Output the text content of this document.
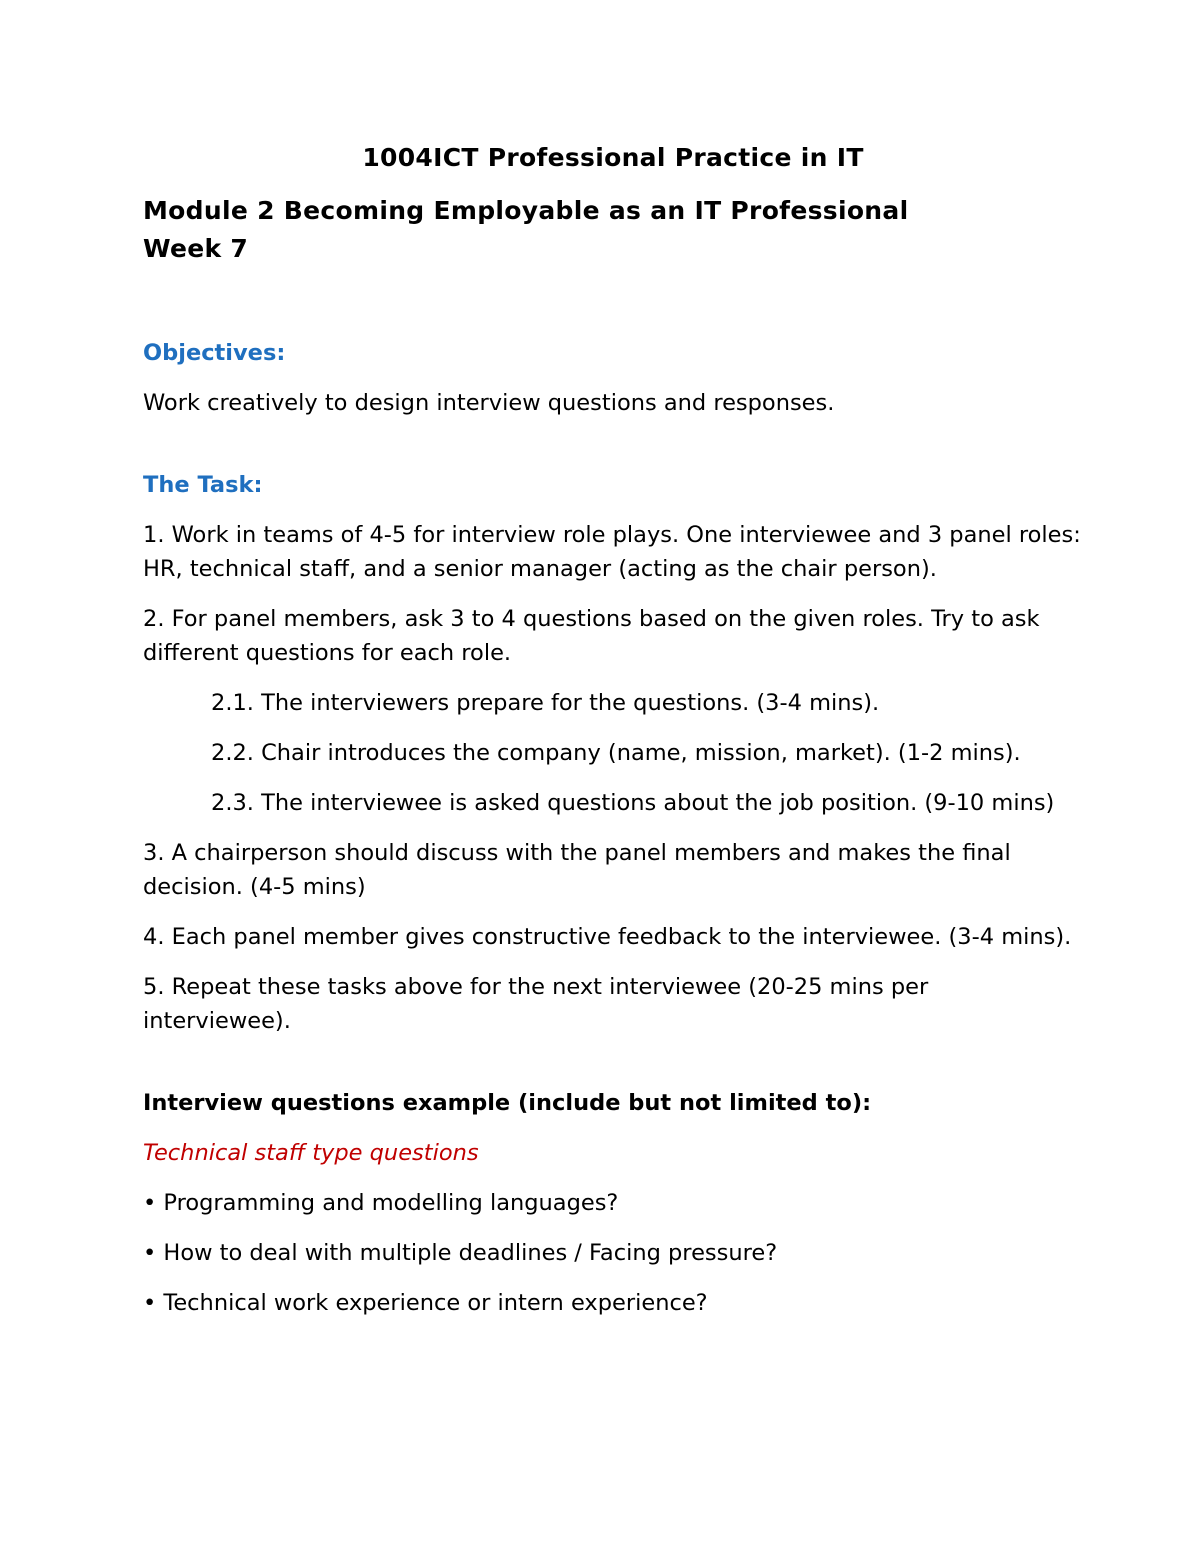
1004ICT Professional Practice in IT

Module 2 Becoming Employable as an IT Professional

Week 7

Objectives:

Work creatively to design interview questions and responses.

The Task:

1. Work in teams of 4-5 for interview role plays. One interviewee and 3 panel roles: HR, technical staff, and a senior manager (acting as the chair person).

2. For panel members, ask 3 to 4 questions based on the given roles. Try to ask different questions for each role.

2.1. The interviewers prepare for the questions. (3-4 mins).

2.2. Chair introduces the company (name, mission, market). (1-2 mins).

2.3. The interviewee is asked questions about the job position. (9-10 mins)

3. A chairperson should discuss with the panel members and makes the final decision. (4-5 mins)

4. Each panel member gives constructive feedback to the interviewee. (3-4 mins).

5. Repeat these tasks above for the next interviewee (20-25 mins per interviewee).

Interview questions example (include but not limited to):

Technical staff type questions

• Programming and modelling languages?

• How to deal with multiple deadlines / Facing pressure?

• Technical work experience or intern experience?
